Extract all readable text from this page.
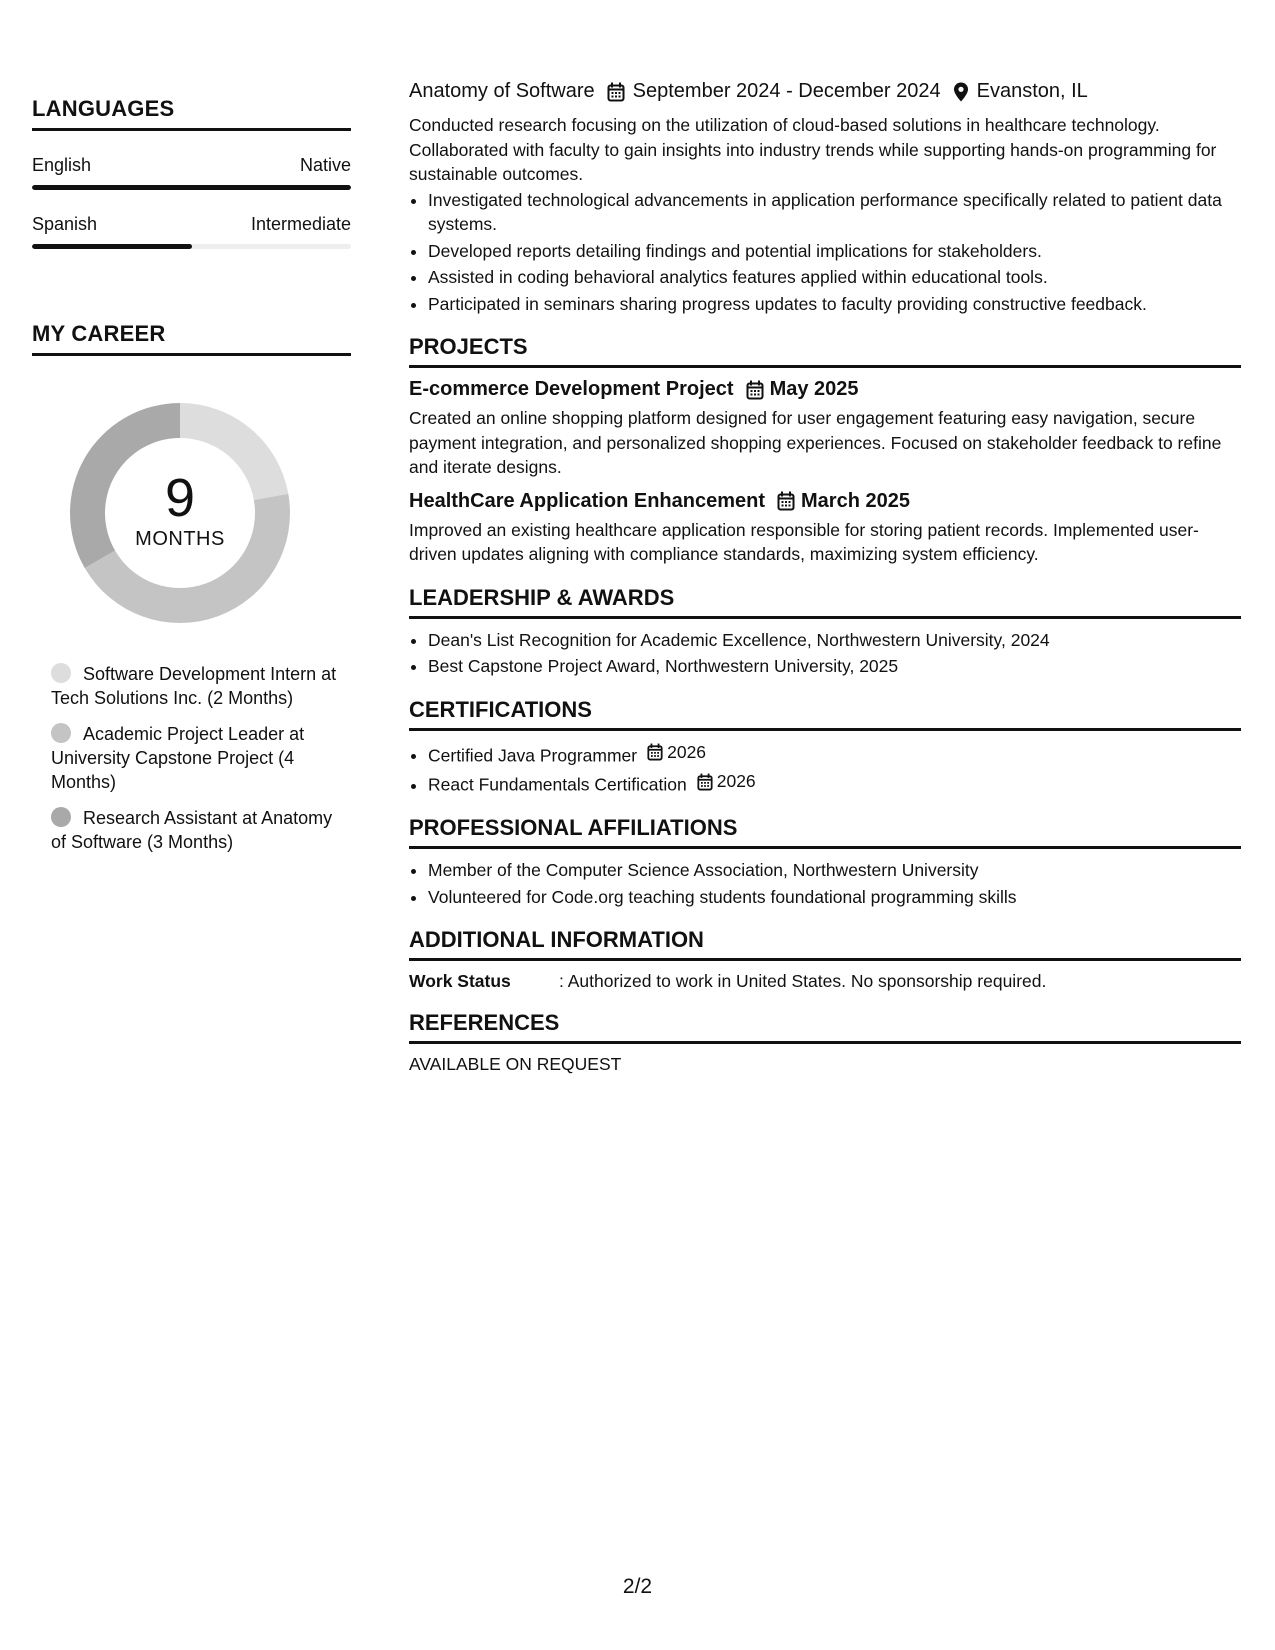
LANGUAGES
English	Native
Spanish	Intermediate
MY CAREER
9
MONTHS
Software Development Intern at Tech Solutions Inc. (2 Months)
Academic Project Leader at University Capstone Project (4 Months)
Research Assistant at Anatomy of Software (3 Months)
Anatomy of Software September 2024 - December 2024 Evanston, IL
Conducted research focusing on the utilization of cloud-based solutions in healthcare technology. Collaborated with faculty to gain insights into industry trends while supporting hands-on programming for sustainable outcomes.
• Investigated technological advancements in application performance specifically related to patient data systems.
• Developed reports detailing findings and potential implications for stakeholders.
• Assisted in coding behavioral analytics features applied within educational tools.
• Participated in seminars sharing progress updates to faculty providing constructive feedback.
PROJECTS
E-commerce Development Project May 2025
Created an online shopping platform designed for user engagement featuring easy navigation, secure payment integration, and personalized shopping experiences. Focused on stakeholder feedback to refine and iterate designs.
HealthCare Application Enhancement March 2025
Improved an existing healthcare application responsible for storing patient records. Implemented user-driven updates aligning with compliance standards, maximizing system efficiency.
LEADERSHIP & AWARDS
• Dean's List Recognition for Academic Excellence, Northwestern University, 2024
• Best Capstone Project Award, Northwestern University, 2025
CERTIFICATIONS
• Certified Java Programmer 2026
• React Fundamentals Certification 2026
PROFESSIONAL AFFILIATIONS
• Member of the Computer Science Association, Northwestern University
• Volunteered for Code.org teaching students foundational programming skills
ADDITIONAL INFORMATION
Work Status	: Authorized to work in United States. No sponsorship required.
REFERENCES
AVAILABLE ON REQUEST
2/2
